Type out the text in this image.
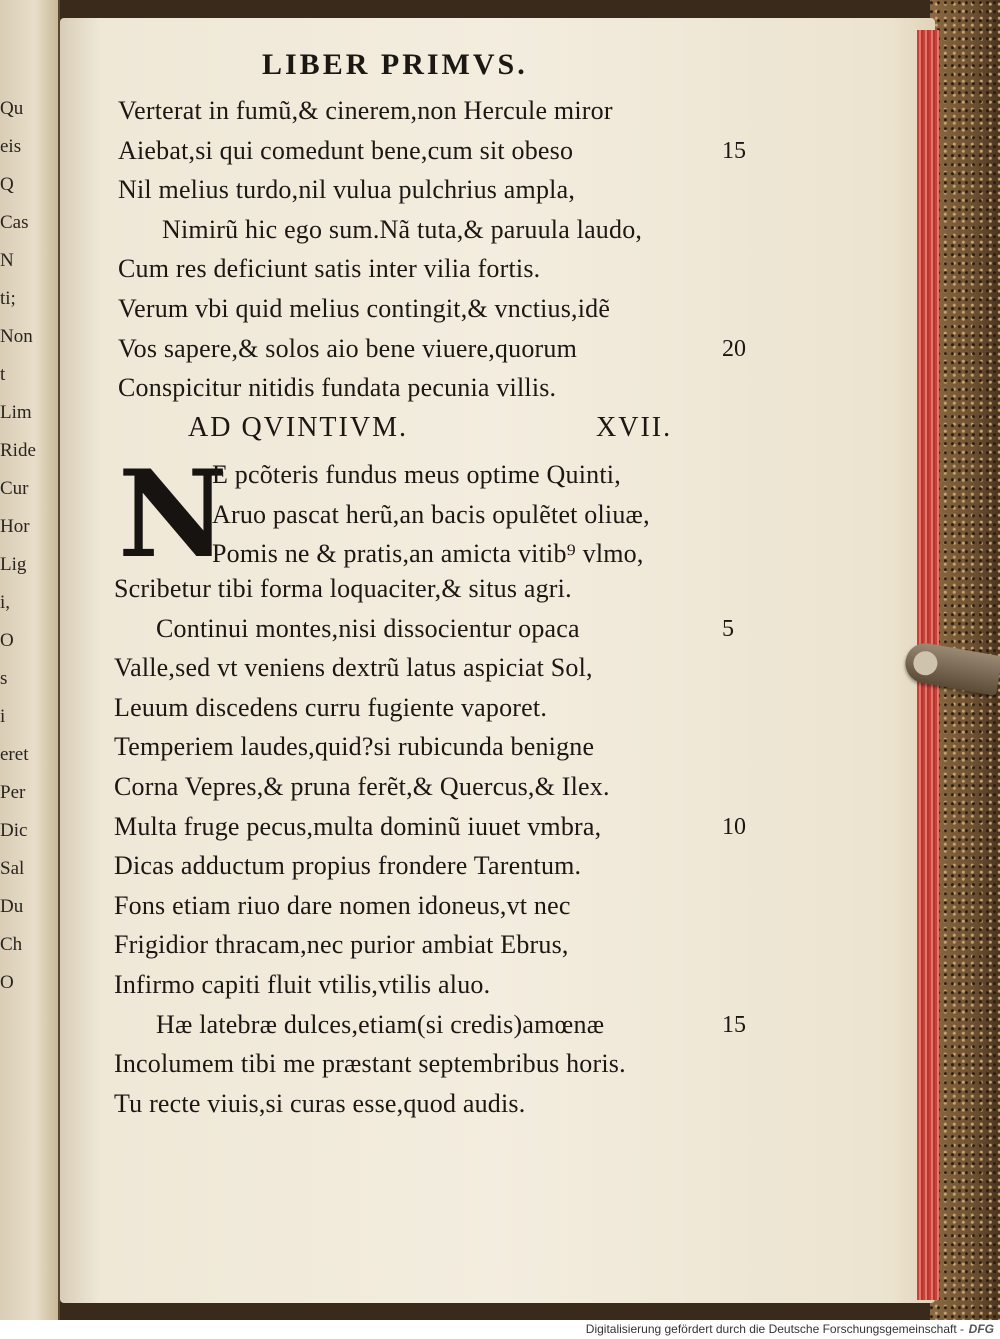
Qu
eis
Q
Cas
N
ti;
Non
t
Lim
Ride
Cur
Hor
Lig
i,
O
s
i
eret
Per
Dic
Sal
Du
Ch
O
LIBER PRIMVS.
Verterat in fumũ,& cinerem,non Hercule miror
Aiebat,si qui comedunt bene,cum sit obeso	15
Nil melius turdo,nil vulua pulchrius ampla,
Nimirũ hic ego sum.Nã tuta,& paruula laudo,
Cum res deficiunt satis inter vilia fortis.
Verum vbi quid melius contingit,& vnctius,idẽ
Vos sapere,& solos aio bene viuere,quorum	20
Conspicitur nitidis fundata pecunia villis.
AD QVINTIVM.	XVII.
N
E pcõteris fundus meus optime Quinti,
Aruo pascat herũ,an bacis opulẽtet oliuæ,
Pomis ne & pratis,an amicta vitib⁹ vlmo,
Scribetur tibi forma loquaciter,& situs agri.
Continui montes,nisi dissocientur opaca	5
Valle,sed vt veniens dextrũ latus aspiciat Sol,
Leuum discedens curru fugiente vaporet.
Temperiem laudes,quid?si rubicunda benigne
Corna Vepres,& pruna ferẽt,& Quercus,& Ilex.
Multa fruge pecus,multa dominũ iuuet vmbra,	10
Dicas adductum propius frondere Tarentum.
Fons etiam riuo dare nomen idoneus,vt nec
Frigidior thracam,nec purior ambiat Ebrus,
Infirmo capiti fluit vtilis,vtilis aluo.
Hæ latebræ dulces,etiam(si credis)amœnæ	15
Incolumem tibi me præstant septembribus horis.
Tu recte viuis,si curas esse,quod audis.
Digitalisierung gefördert durch die Deutsche Forschungsgemeinschaft - DFG
